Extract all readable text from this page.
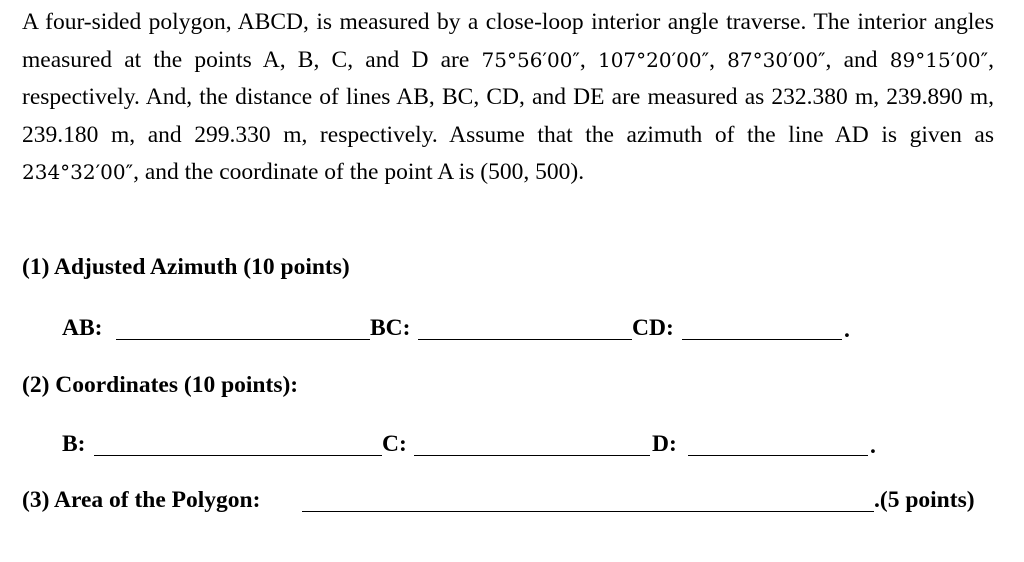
A four-sided polygon, ABCD, is measured by a close-loop interior angle traverse. The interior angles measured at the points A, B, C, and D are 75°56′00″, 107°20′00″, 87°30′00″, and 89°15′00″, respectively. And, the distance of lines AB, BC, CD, and DE are measured as 232.380 m, 239.890 m, 239.180 m, and 299.330 m, respectively. Assume that the azimuth of the line AD is given as 234°32′00″, and the coordinate of the point A is (500, 500).
(1) Adjusted Azimuth (10 points)
AB:	BC:	CD:	.
(2) Coordinates (10 points):
B:	C:	D:	.
(3) Area of the Polygon:	.(5 points)
